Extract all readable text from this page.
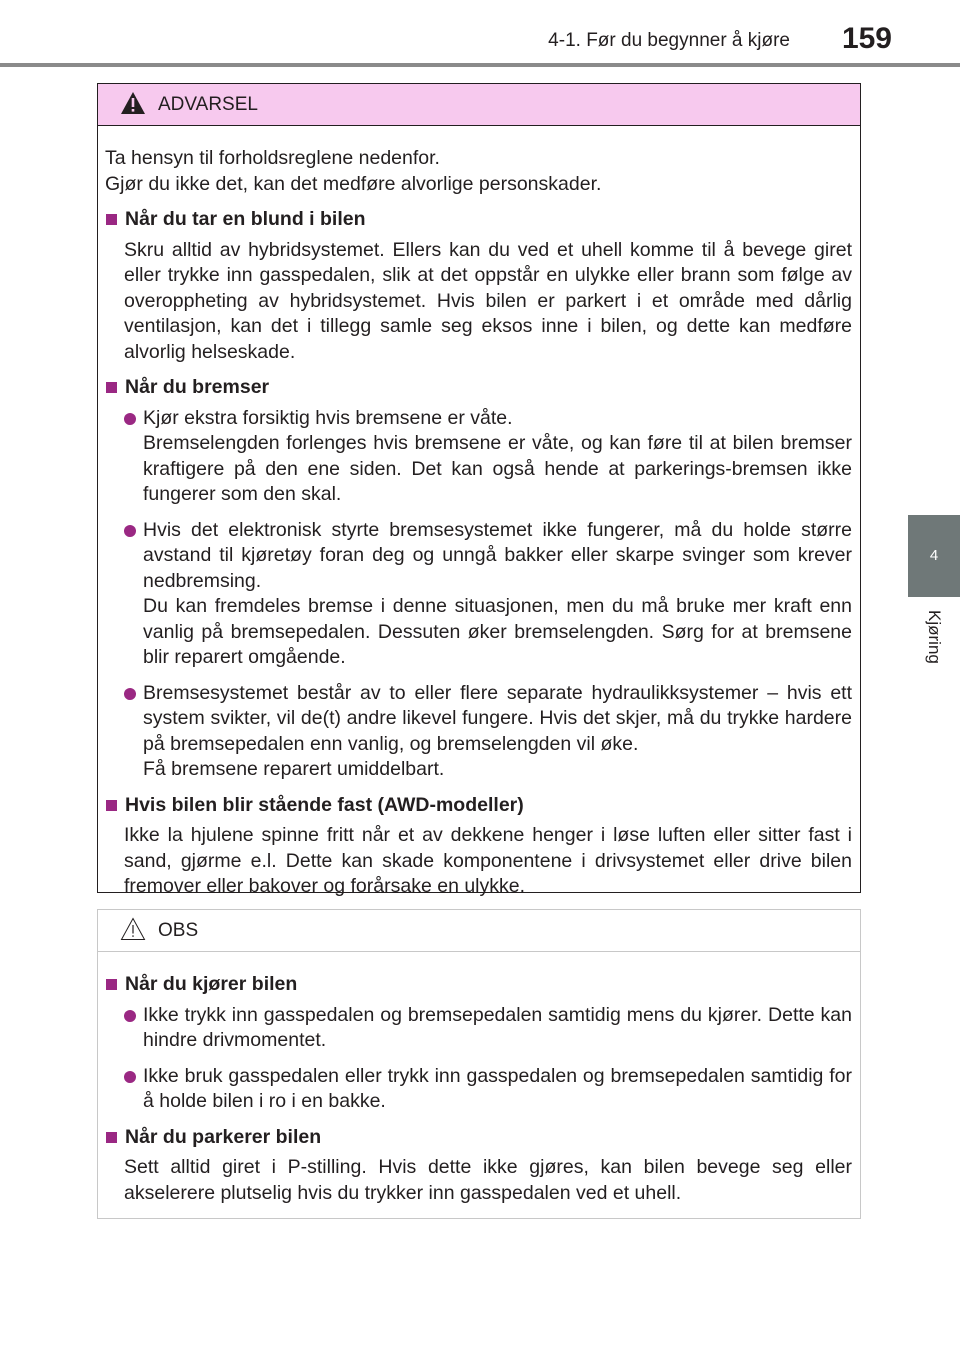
4-1. Før du begynner å kjøre 159
4
Kjøring
ADVARSEL
Ta hensyn til forholdsreglene nedenfor.
Gjør du ikke det, kan det medføre alvorlige personskader.
Når du tar en blund i bilen

Skru alltid av hybridsystemet. Ellers kan du ved et uhell komme til å bevege giret eller trykke inn gasspedalen, slik at det oppstår en ulykke eller brann som følge av overoppheting av hybridsystemet. Hvis bilen er parkert i et område med dårlig ventilasjon, kan det i tillegg samle seg eksos inne i bilen, og dette kan medføre alvorlig helseskade.

Når du bremser

Kjør ekstra forsiktig hvis bremsene er våte.

Bremselengden forlenges hvis bremsene er våte, og kan føre til at bilen bremser kraftigere på den ene siden. Det kan også hende at parkerings-bremsen ikke fungerer som den skal.

Hvis det elektronisk styrte bremsesystemet ikke fungerer, må du holde større avstand til kjøretøy foran deg og unngå bakker eller skarpe svinger som krever nedbremsing.

Du kan fremdeles bremse i denne situasjonen, men du må bruke mer kraft enn vanlig på bremsepedalen. Dessuten øker bremselengden. Sørg for at bremsene blir reparert omgående.

Bremsesystemet består av to eller flere separate hydraulikksystemer – hvis ett system svikter, vil de(t) andre likevel fungere. Hvis det skjer, må du trykke hardere på bremsepedalen enn vanlig, og bremselengden vil øke.

Få bremsene reparert umiddelbart.

Hvis bilen blir stående fast (AWD-modeller)

Ikke la hjulene spinne fritt når et av dekkene henger i løse luften eller sitter fast i sand, gjørme e.l. Dette kan skade komponentene i drivsystemet eller drive bilen fremover eller bakover og forårsake en ulykke.

OBS
Når du kjører bilen

Ikke trykk inn gasspedalen og bremsepedalen samtidig mens du kjører. Dette kan hindre drivmomentet.

Ikke bruk gasspedalen eller trykk inn gasspedalen og bremsepedalen samtidig for å holde bilen i ro i en bakke.

Når du parkerer bilen

Sett alltid giret i P-stilling. Hvis dette ikke gjøres, kan bilen bevege seg eller akselerere plutselig hvis du trykker inn gasspedalen ved et uhell.
